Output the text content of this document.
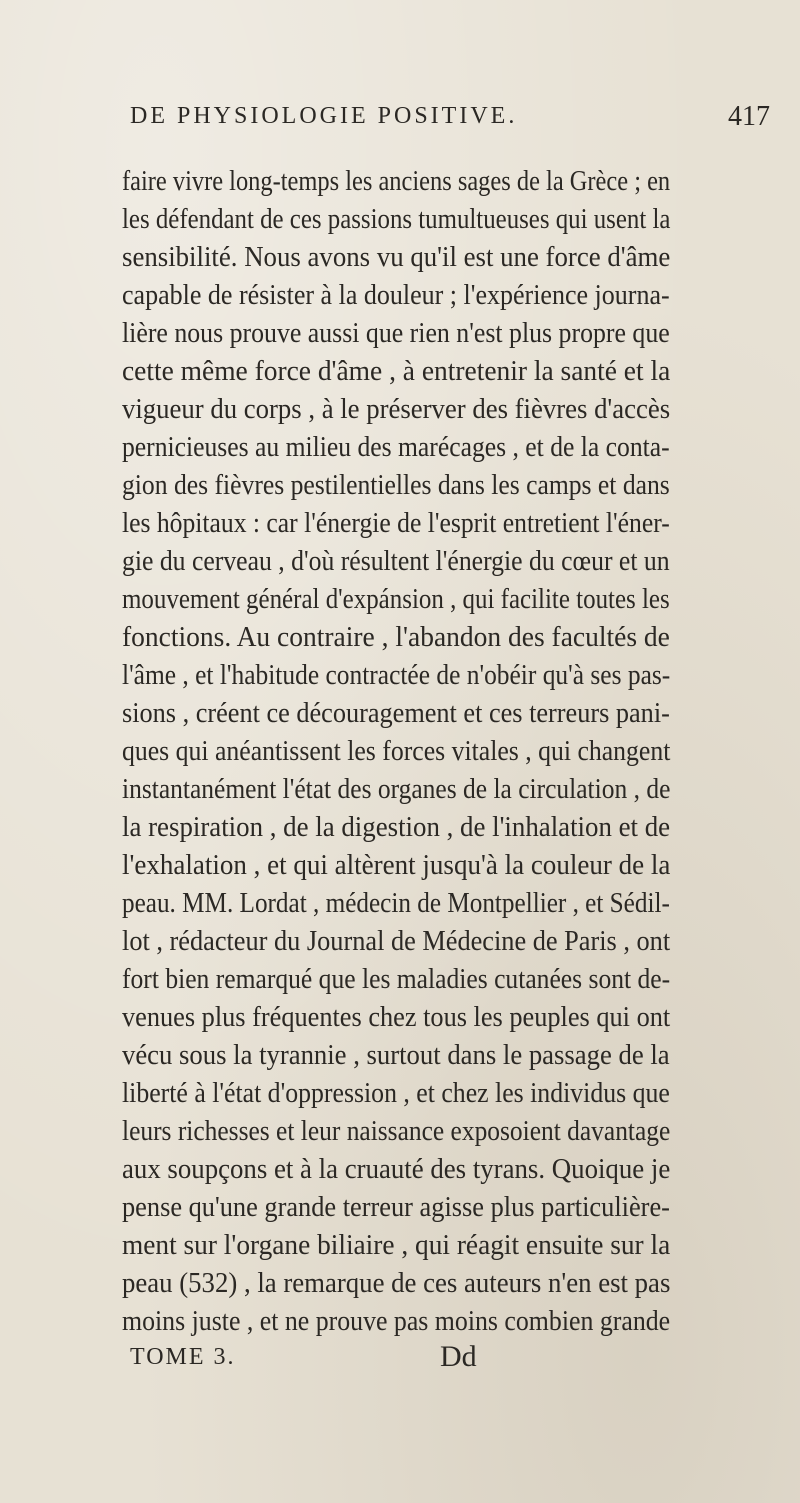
DE PHYSIOLOGIE POSITIVE.	417
faire vivre long-temps les anciens sages de la Grèce ; en
les défendant de ces passions tumultueuses qui usent la
sensibilité. Nous avons vu qu'il est une force d'âme
capable de résister à la douleur ; l'expérience journa-
lière nous prouve aussi que rien n'est plus propre que
cette même force d'âme , à entretenir la santé et la
vigueur du corps , à le préserver des fièvres d'accès
pernicieuses au milieu des marécages , et de la conta-
gion des fièvres pestilentielles dans les camps et dans
les hôpitaux : car l'énergie de l'esprit entretient l'éner-
gie du cerveau , d'où résultent l'énergie du cœur et un
mouvement général d'expánsion , qui facilite toutes les
fonctions. Au contraire , l'abandon des facultés de
l'âme , et l'habitude contractée de n'obéir qu'à ses pas-
sions , créent ce découragement et ces terreurs pani-
ques qui anéantissent les forces vitales , qui changent
instantanément l'état des organes de la circulation , de
la respiration , de la digestion , de l'inhalation et de
l'exhalation , et qui altèrent jusqu'à la couleur de la
peau. MM. Lordat , médecin de Montpellier , et Sédil-
lot , rédacteur du Journal de Médecine de Paris , ont
fort bien remarqué que les maladies cutanées sont de-
venues plus fréquentes chez tous les peuples qui ont
vécu sous la tyrannie , surtout dans le passage de la
liberté à l'état d'oppression , et chez les individus que
leurs richesses et leur naissance exposoient davantage
aux soupçons et à la cruauté des tyrans. Quoique je
pense qu'une grande terreur agisse plus particulière-
ment sur l'organe biliaire , qui réagit ensuite sur la
peau (532) , la remarque de ces auteurs n'en est pas
moins juste , et ne prouve pas moins combien grande
TOME 3.	Dd
